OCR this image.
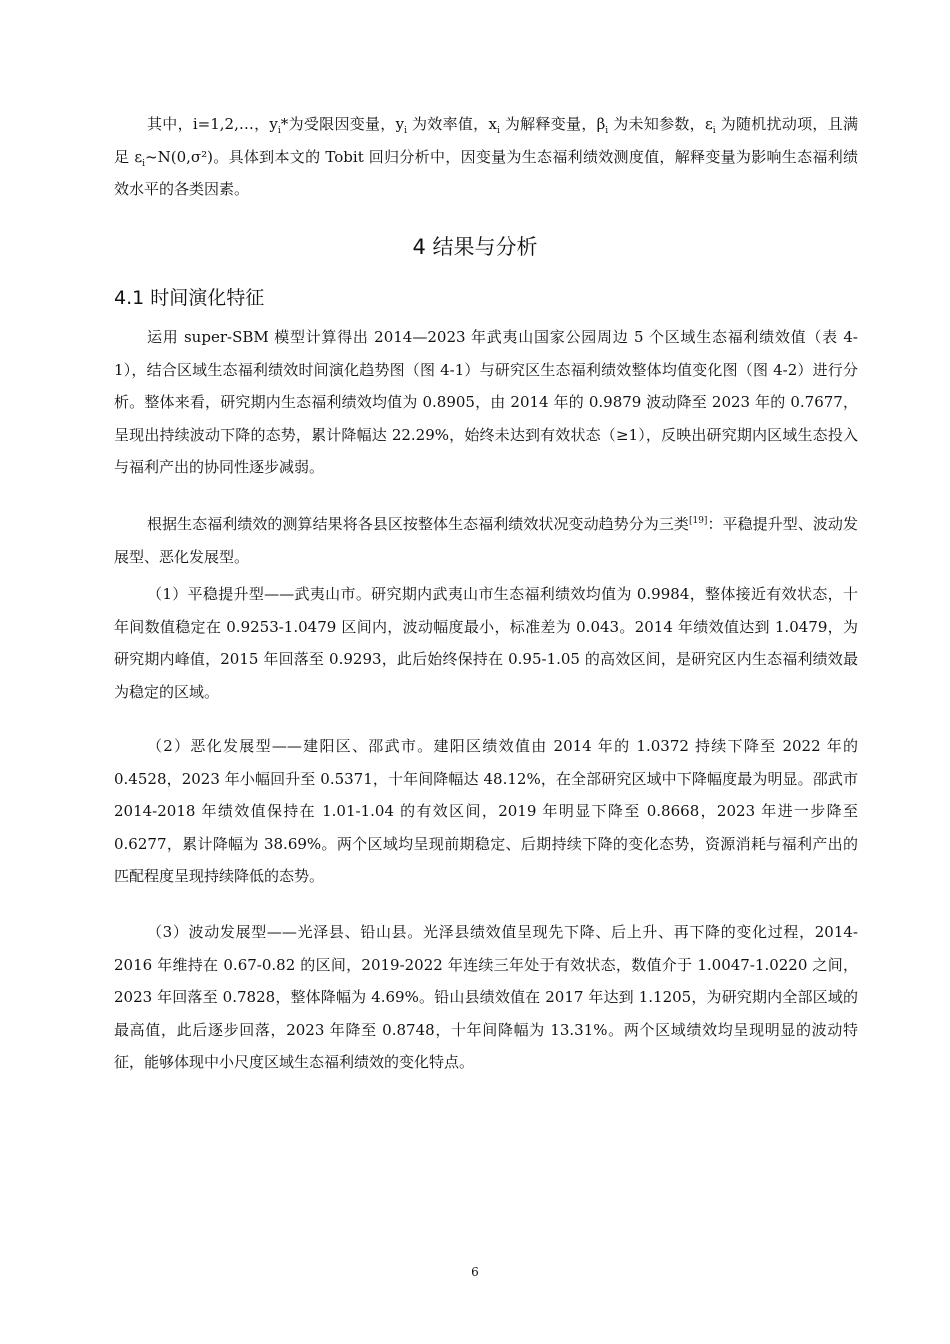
其中，i=1,2,…，$y_i*$为受限因变量，$y_i$ 为效率值，$x_i$ 为解释变量，$\beta_i$ 为未知参数，$\varepsilon_i$ 为随机扰动项，且满足 $\varepsilon_i\sim N(0,\sigma^2)$。具体到本文的 Tobit 回归分析中，因变量为生态福利绩效测度值，解释变量为影响生态福利绩效水平的各类因素。

4 结果与分析
4.1 时间演化特征

运用 super-SBM 模型计算得出 2014—2023 年武夷山国家公园周边 5 个区域生态福利绩效值（表 4-1），结合区域生态福利绩效时间演化趋势图（图 4-1）与研究区生态福利绩效整体均值变化图（图 4-2）进行分析。整体来看，研究期内生态福利绩效均值为 0.8905，由 2014 年的 0.9879 波动降至 2023 年的 0.7677，呈现出持续波动下降的态势，累计降幅达 22.29%，始终未达到有效状态（≥1），反映出研究期内区域生态投入与福利产出的协同性逐步减弱。

根据生态福利绩效的测算结果将各县区按整体生态福利绩效状况变动趋势分为三类[19]：平稳提升型、波动发展型、恶化发展型。

（1）平稳提升型——武夷山市。研究期内武夷山市生态福利绩效均值为 0.9984，整体接近有效状态，十年间数值稳定在 0.9253-1.0479 区间内，波动幅度最小，标准差为 0.043。2014 年绩效值达到 1.0479，为研究期内峰值，2015 年回落至 0.9293，此后始终保持在 0.95-1.05 的高效区间，是研究区内生态福利绩效最为稳定的区域。

（2）恶化发展型——建阳区、邵武市。建阳区绩效值由 2014 年的 1.0372 持续下降至 2022 年的 0.4528，2023 年小幅回升至 0.5371，十年间降幅达 48.12%，在全部研究区域中下降幅度最为明显。邵武市 2014-2018 年绩效值保持在 1.01-1.04 的有效区间，2019 年明显下降至 0.8668，2023 年进一步降至 0.6277，累计降幅为 38.69%。两个区域均呈现前期稳定、后期持续下降的变化态势，资源消耗与福利产出的匹配程度呈现持续降低的态势。

（3）波动发展型——光泽县、铅山县。光泽县绩效值呈现先下降、后上升、再下降的变化过程，2014-2016 年维持在 0.67-0.82 的区间，2019-2022 年连续三年处于有效状态，数值介于 1.0047-1.0220 之间，2023 年回落至 0.7828，整体降幅为 4.69%。铅山县绩效值在 2017 年达到 1.1205，为研究期内全部区域的最高值，此后逐步回落，2023 年降至 0.8748，十年间降幅为 13.31%。两个区域绩效均呈现明显的波动特征，能够体现中小尺度区域生态福利绩效的变化特点。

6
